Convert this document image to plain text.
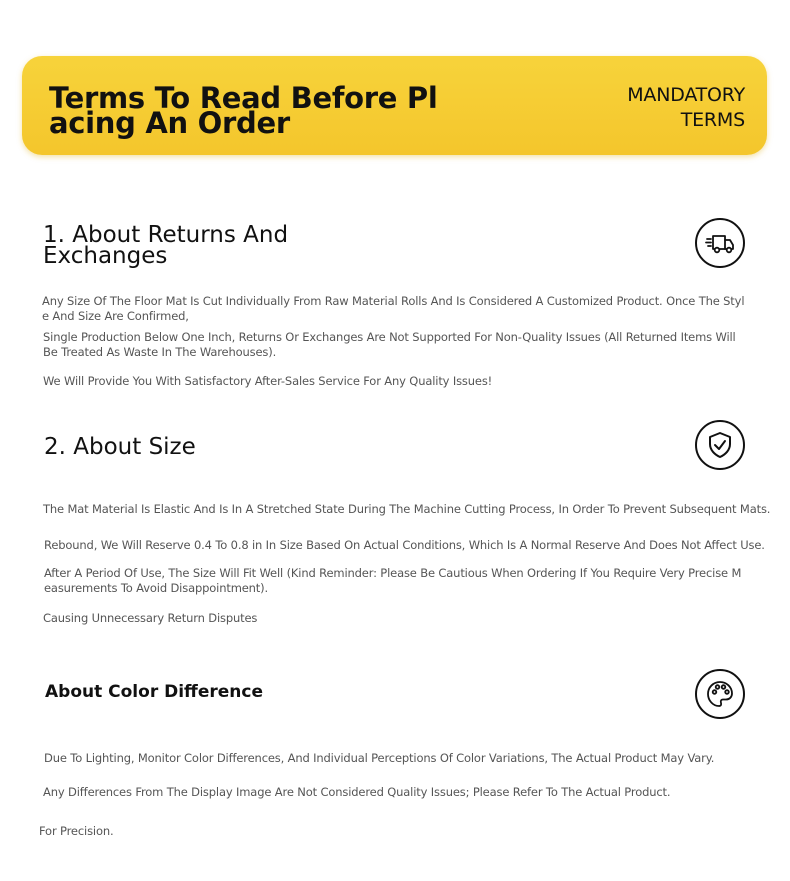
Terms To Read Before Placing An Order
MANDATORY
TERMS
1. About Returns And Exchanges
Any Size Of The Floor Mat Is Cut Individually From Raw Material Rolls And Is Considered A Customized Product. Once The Style And Size Are Confirmed,
Single Production Below One Inch, Returns Or Exchanges Are Not Supported For Non-Quality Issues (All Returned Items Will Be Treated As Waste In The Warehouses).
We Will Provide You With Satisfactory After-Sales Service For Any Quality Issues!
2. About Size
The Mat Material Is Elastic And Is In A Stretched State During The Machine Cutting Process, In Order To Prevent Subsequent Mats.
Rebound, We Will Reserve 0.4 To 0.8 in In Size Based On Actual Conditions, Which Is A Normal Reserve And Does Not Affect Use.
After A Period Of Use, The Size Will Fit Well (Kind Reminder: Please Be Cautious When Ordering If You Require Very Precise Measurements To Avoid Disappointment).
Causing Unnecessary Return Disputes
About Color Difference
Due To Lighting, Monitor Color Differences, And Individual Perceptions Of Color Variations, The Actual Product May Vary.
Any Differences From The Display Image Are Not Considered Quality Issues; Please Refer To The Actual Product.
For Precision.
